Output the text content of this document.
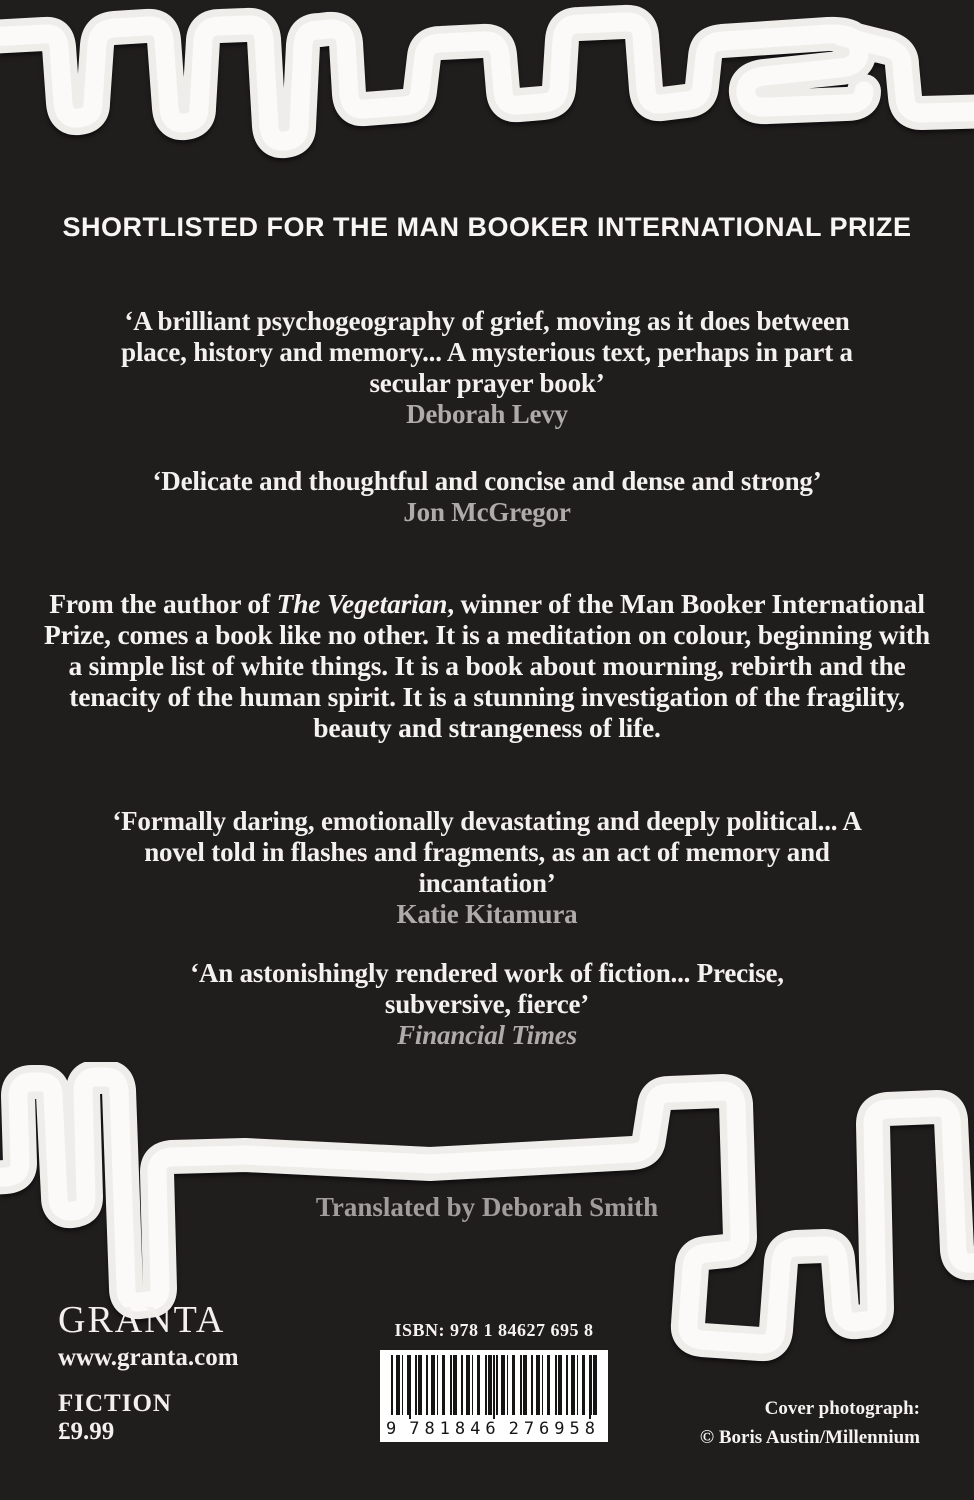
SHORTLISTED FOR THE MAN BOOKER INTERNATIONAL PRIZE
‘A brilliant psychogeography of grief, moving as it does between place, history and memory... A mysterious text, perhaps in part a secular prayer book’
Deborah Levy
‘Delicate and thoughtful and concise and dense and strong’
Jon McGregor
From the author of The Vegetarian, winner of the Man Booker International Prize, comes a book like no other. It is a meditation on colour, beginning with a simple list of white things. It is a book about mourning, rebirth and the tenacity of the human spirit. It is a stunning investigation of the fragility, beauty and strangeness of life.
‘Formally daring, emotionally devastating and deeply political... A novel told in flashes and fragments, as an act of memory and incantation’
Katie Kitamura
‘An astonishingly rendered work of fiction... Precise, subversive, fierce’
Financial Times
Translated by Deborah Smith
GRANTA
www.granta.com
FICTION
£9.99
ISBN: 978 1 84627 695 8
9 781846 276958
Cover photograph:
© Boris Austin/Millennium
